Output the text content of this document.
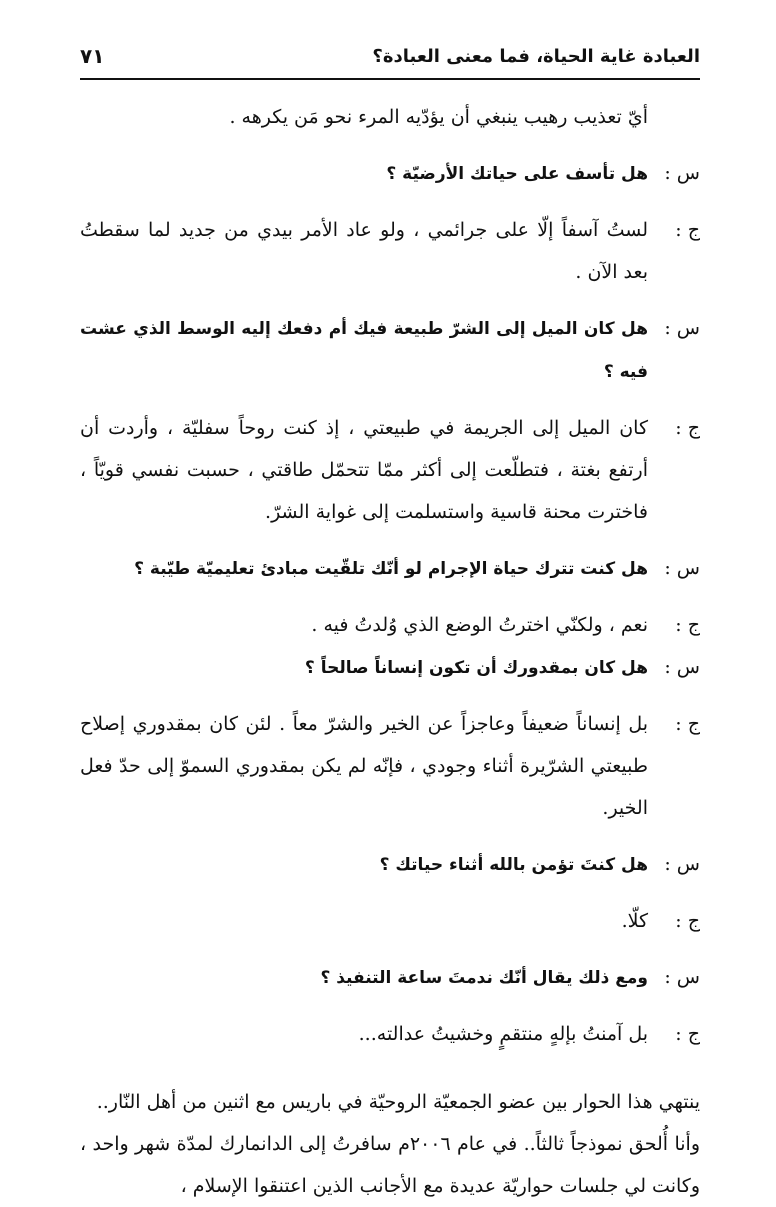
العبادة غاية الحياة، فما معنى العبادة؟
٧١

أيّ تعذيب رهيب ينبغي أن يؤدّيه المرء نحو مَن يكرهه .

س :
هل تأسف على حياتك الأرضيّة ؟
ج :
لستُ آسفاً إلّا على جرائمي ، ولو عاد الأمر بيدي من جديد لما سقطتُ بعد الآن .
س :
هل كان الميل إلى الشرّ طبيعة فيك أم دفعك إليه الوسط الذي عشت فيه ؟
ج :
كان الميل إلى الجريمة في طبيعتي ، إذ كنت روحاً سفليّة ، وأردت أن أرتفع بغتة ، فتطلّعت إلى أكثر ممّا تتحمّل طاقتي ، حسبت نفسي قويّاً ، فاخترت محنة قاسية واستسلمت إلى غواية الشرّ.
س :
هل كنت تترك حياة الإجرام لو أنّك تلقّيت مبادئ تعليميّة طيّبة ؟
ج :
نعم ، ولكنّي اخترتُ الوضع الذي وُلدتُ فيه .
س :
هل كان بمقدورك أن تكون إنساناً صالحاً ؟
ج :
بل إنساناً ضعيفاً وعاجزاً عن الخير والشرّ معاً . لئن كان بمقدوري إصلاح طبيعتي الشرّيرة أثناء وجودي ، فإنّه لم يكن بمقدوري السموّ إلى حدّ فعل الخير.
س :
هل كنتَ تؤمن بالله أثناء حياتك ؟
ج :
كلّا.
س :
ومع ذلك يقال أنّك ندمتَ ساعة التنفيذ ؟
ج :
بل آمنتُ بإلهٍ منتقمٍ وخشيتُ عدالته...

ينتهي هذا الحوار بين عضو الجمعيّة الروحيّة في باريس مع اثنين من أهل النّار..

وأنا أُلحق نموذجاً ثالثاً.. في عام ٢٠٠٦م سافرتُ إلى الدانمارك لمدّة شهر واحد ، وكانت لي جلسات حواريّة عديدة مع الأجانب الذين اعتنقوا الإسلام ،
